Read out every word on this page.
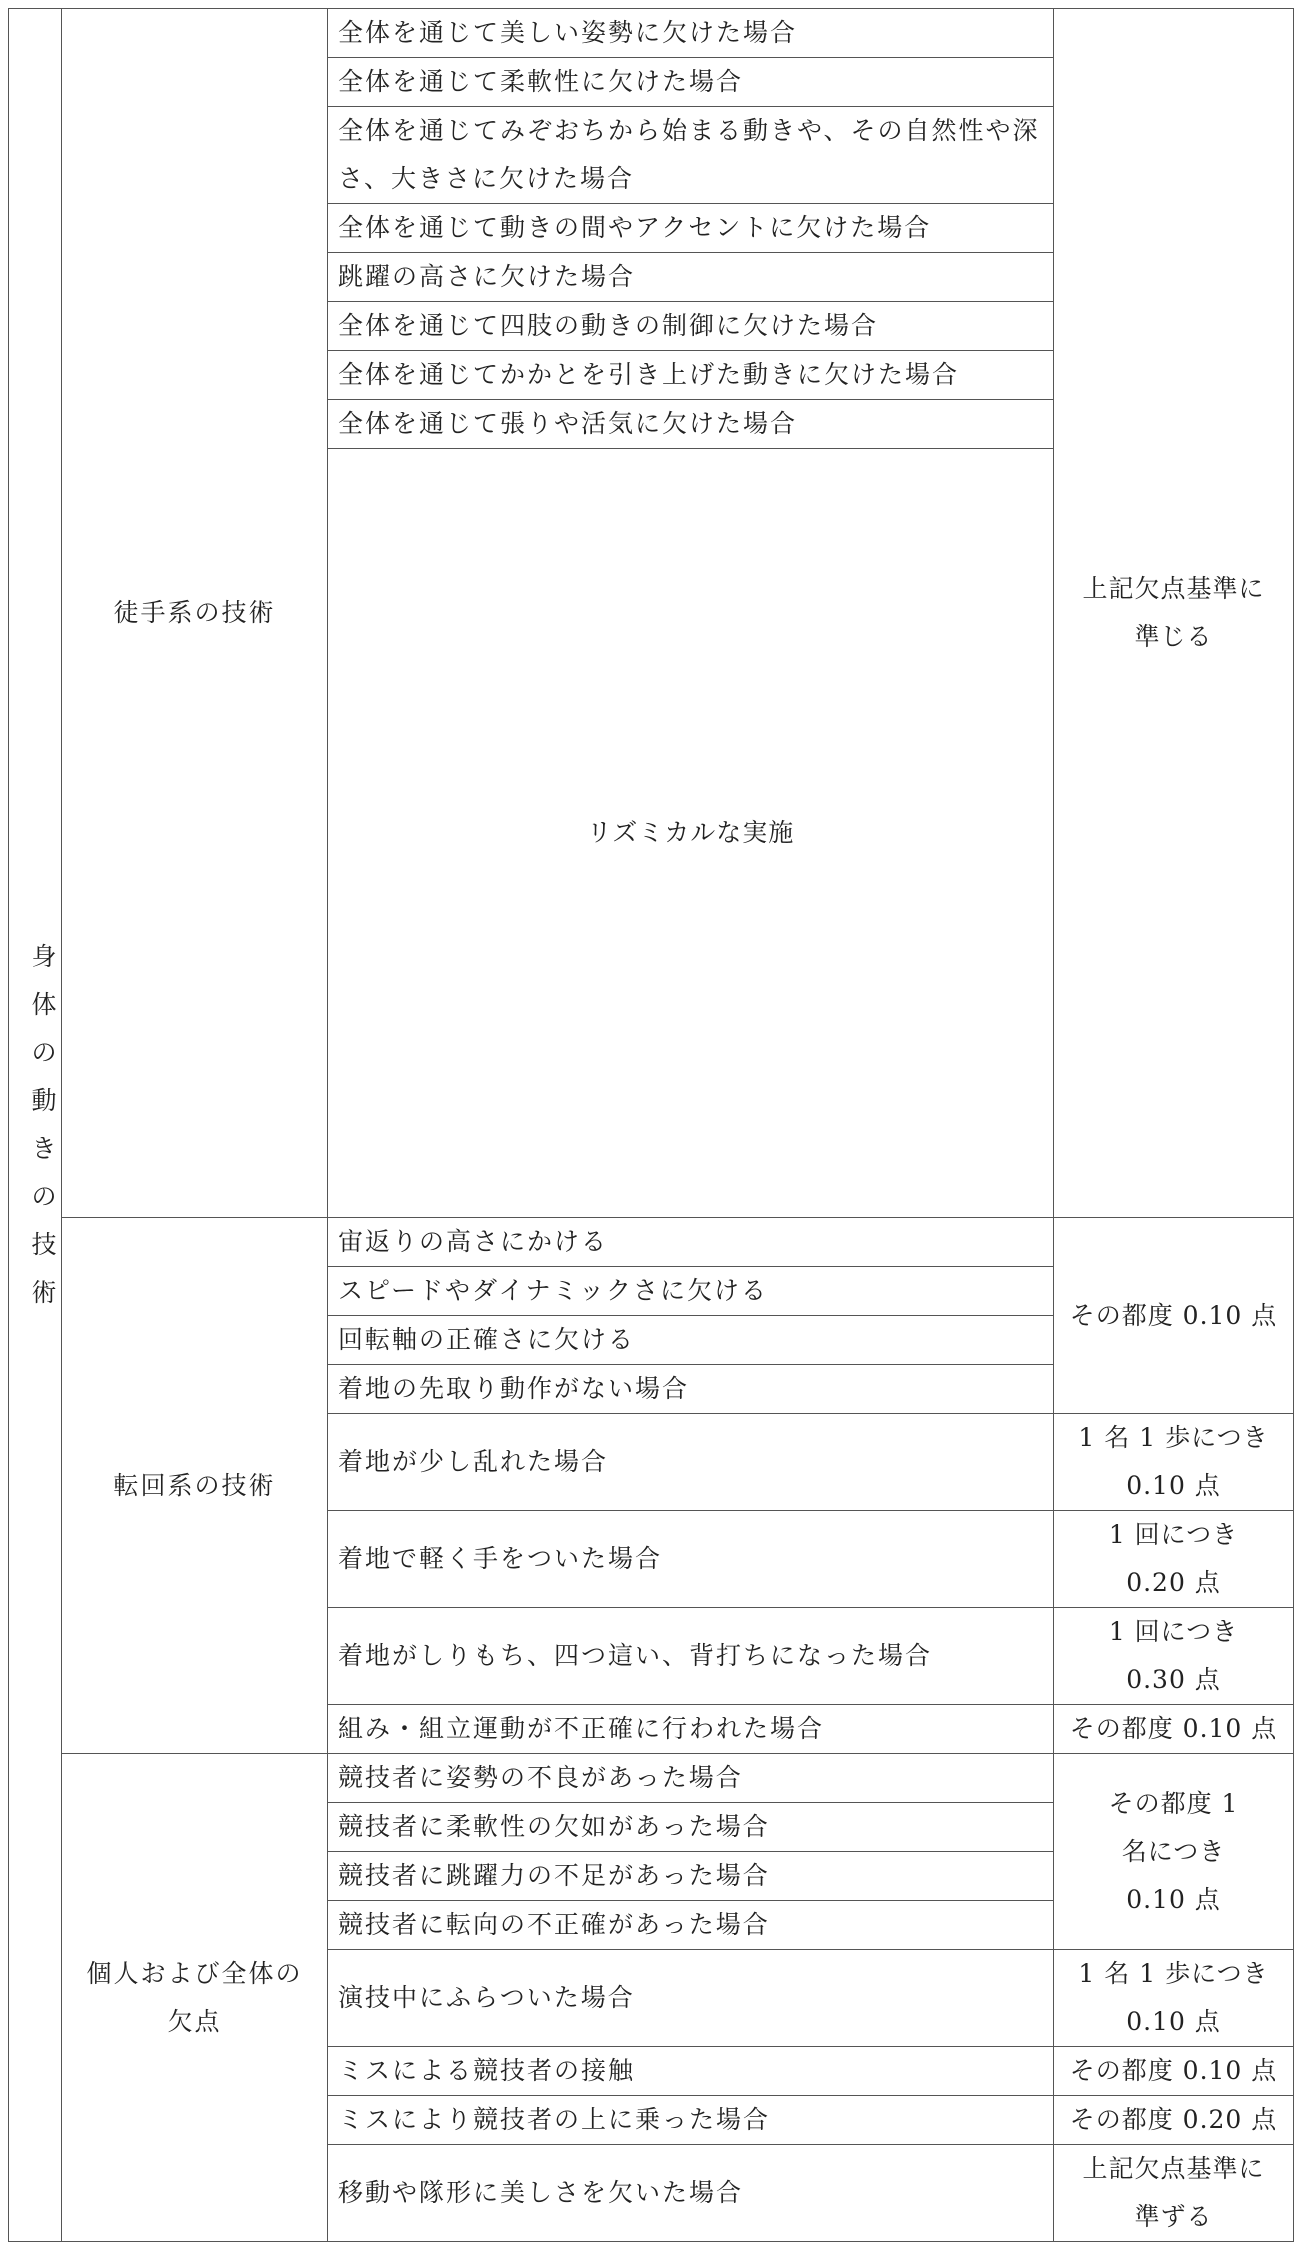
身体の動きの技術	徒手系の技術	全体を通じて美しい姿勢に欠けた場合	上記欠点基準に準じる	

		全体を通じて柔軟性に欠けた場合		
		全体を通じてみぞおちから始まる動きや、その自然性や深さ、大きさに欠けた場合		
		全体を通じて動きの間やアクセントに欠けた場合		
		跳躍の高さに欠けた場合		
		全体を通じて四肢の動きの制御に欠けた場合		
		全体を通じてかかとを引き上げた動きに欠けた場合		
		全体を通じて張りや活気に欠けた場合		
		リズミカルな実施		
	転回系の技術	宙返りの高さにかける	その都度 0.10 点	
		スピードやダイナミックさに欠ける		
		回転軸の正確さに欠ける		
		着地の先取り動作がない場合		
		着地が少し乱れた場合	1 名 1 歩につき 0.10 点	

		着地で軽く手をついた場合	1 回につき 0.20 点	

		着地がしりもち、四つ這い、背打ちになった場合	1 回につき 0.30 点	

		組み・組立運動が不正確に行われた場合	その都度 0.10 点	

	個人および全体の欠点	競技者に姿勢の不良があった場合	その都度 1 名につき 0.10 点	

		競技者に柔軟性の欠如があった場合		
		競技者に跳躍力の不足があった場合		
		競技者に転向の不正確があった場合		
		演技中にふらついた場合	1 名 1 歩につき 0.10 点	

		ミスによる競技者の接触	その都度 0.10 点	
		ミスにより競技者の上に乗った場合	その都度 0.20 点	
		移動や隊形に美しさを欠いた場合	上記欠点基準に準ずる	
